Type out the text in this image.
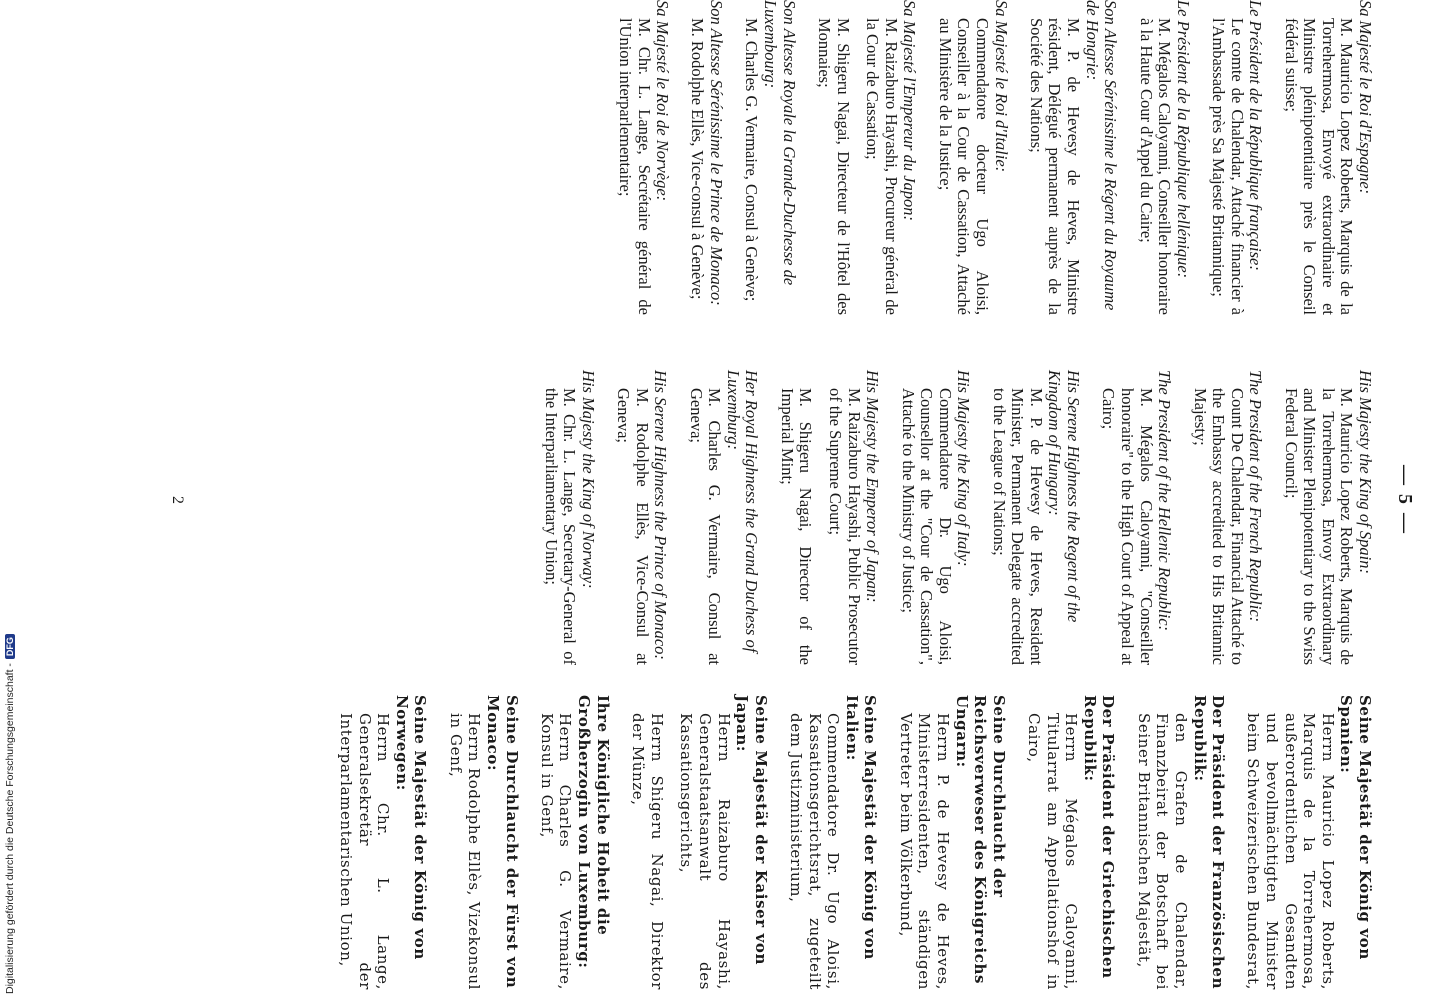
— 5 —
Sa Majesté le Roi d'Espagne:
M. Mauricio Lopez Roberts, Marquis de la Torrehermosa, Envoyé extraordinaire et Ministre plénipotentiaire près le Conseil fédéral suisse;
Le Président de la République française:
Le comte de Chalendar, Attaché financier à l'Ambassade près Sa Majesté Britannique;
Le Président de la République hellénique:
M. Mégalos Caloyanni, Conseiller honoraire à la Haute Cour d'Appel du Caire;
Son Altesse Sérénissime le Régent du Royaume de Hongrie:
M. P. de Hevesy de Heves, Ministre résident, Délégué permanent auprès de la Société des Nations;
Sa Majesté le Roi d'Italie:
Commendatore docteur Ugo Aloisi, Conseiller à la Cour de Cassation, Attaché au Ministère de la Justice;
Sa Majesté l'Empereur du Japon:
M. Raizaburo Hayashi, Procureur général de la Cour de Cassation;
M. Shigeru Nagai, Directeur de l'Hôtel des Monnaies;
Son Altesse Royale la Grande-Duchesse de Luxembourg:
M. Charles G. Vermaire, Consul à Genève;
Son Altesse Sérénissime le Prince de Monaco:
M. Rodolphe Ellès, Vice-consul à Genève;
Sa Majesté le Roi de Norvège:
M. Chr. L. Lange, Secrétaire général de l'Union interparlementaire;
His Majesty the King of Spain:
M. Mauricio Lopez Roberts, Marquis de la Torrehermosa, Envoy Extraordinary and Minister Plenipotentiary to the Swiss Federal Council;
The President of the French Republic:
Count De Chalendar, Financial Attaché to the Embassy accredited to His Britannic Majesty;
The President of the Hellenic Republic:
M. Mégalos Caloyanni, "Conseiller honoraire" to the High Court of Appeal at Cairo;
His Serene Highness the Regent of the Kingdom of Hungary:
M. P. de Hevesy de Heves, Resident Minister, Permanent Delegate accredited to the League of Nations;
His Majesty the King of Italy:
Commendatore Dr. Ugo Aloisi, Counsellor at the "Cour de Cassation", Attaché to the Ministry of Justice;
His Majesty the Emperor of Japan:
M. Raizaburo Hayashi, Public Prosecutor of the Supreme Court;
M. Shigeru Nagai, Director of the Imperial Mint;
Her Royal Highness the Grand Duchess of Luxemburg:
M. Charles G. Vermaire, Consul at Geneva;
His Serene Highness the Prince of Monaco:
M. Rodolphe Ellès, Vice-Consul at Geneva;
His Majesty the King of Norway:
M. Chr. L. Lange, Secretary-General of the Interparliamentary Union;
Seine Majestät der König von Spanien:
Herrn Mauricio Lopez Roberts, Marquis de la Torrehermosa, außerordentlichen Gesandten und bevollmächtigten Minister beim Schweizerischen Bundesrat,
Der Präsident der Französischen Republik:
den Grafen de Chalendar, Finanzbeirat der Botschaft bei Seiner Britannischen Majestät,
Der Präsident der Griechischen Republik:
Herrn Mégalos Caloyanni, Titularrat am Appellationshof in Cairo,
Seine Durchlaucht der Reichsverweser des Königreichs Ungarn:
Herrn P. de Hevesy de Heves, Ministerresidenten, ständigen Vertreter beim Völkerbund,
Seine Majestät der König von Italien:
Commendatore Dr. Ugo Aloisi, Kassationsgerichtsrat, zugeteilt dem Justizministerium,
Seine Majestät der Kaiser von Japan:
Herrn Raizaburo Hayashi, Generalstaatsanwalt des Kassationsgerichts,
Herrn Shigeru Nagai, Direktor der Münze,
Ihre Königliche Hoheit die Großherzogin von Luxemburg:
Herrn Charles G. Vermaire, Konsul in Genf,
Seine Durchlaucht der Fürst von Monaco:
Herrn Rodolphe Ellès, Vizekonsul in Genf,
Seine Majestät der König von Norwegen:
Herrn Chr. L. Lange, Generalsekretär der Interparlamentarischen Union,
2
Digitalisierung gefördert durch die Deutsche Forschungsgemeinschaft -DFG
